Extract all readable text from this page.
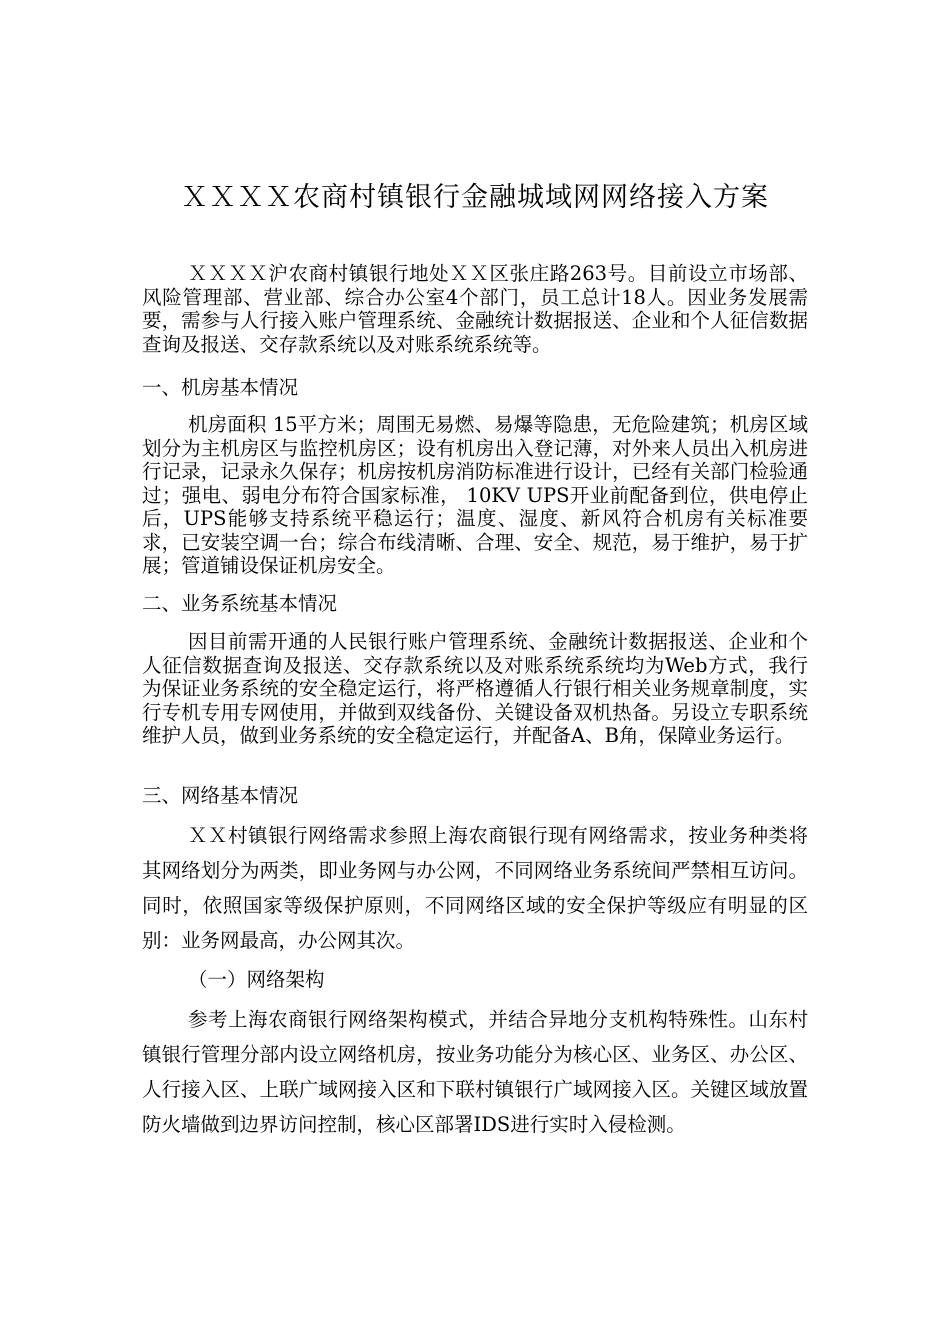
ＸＸＸＸ农商村镇银行金融城域网网络接入方案

ＸＸＸＸ沪农商村镇银行地处ＸＸ区张庄路263号。目前设立市场部、风险管理部、营业部、综合办公室4个部门，员工总计18人。因业务发展需要，需参与人行接入账户管理系统、金融统计数据报送、企业和个人征信数据查询及报送、交存款系统以及对账系统系统等。

一、机房基本情况

机房面积 15平方米；周围无易燃、易爆等隐患，无危险建筑；机房区域划分为主机房区与监控机房区；设有机房出入登记薄，对外来人员出入机房进行记录，记录永久保存；机房按机房消防标准进行设计，已经有关部门检验通过；强电、弱电分布符合国家标准， 10KV UPS开业前配备到位，供电停止后，UPS能够支持系统平稳运行；温度、湿度、新风符合机房有关标准要求，已安装空调一台；综合布线清晰、合理、安全、规范，易于维护，易于扩展；管道铺设保证机房安全。

二、业务系统基本情况

因目前需开通的人民银行账户管理系统、金融统计数据报送、企业和个人征信数据查询及报送、交存款系统以及对账系统系统均为Web方式，我行为保证业务系统的安全稳定运行，将严格遵循人行银行相关业务规章制度，实行专机专用专网使用，并做到双线备份、关键设备双机热备。另设立专职系统维护人员，做到业务系统的安全稳定运行，并配备A、B角，保障业务运行。

三、网络基本情况

ＸＸ村镇银行网络需求参照上海农商银行现有网络需求，按业务种类将其网络划分为两类，即业务网与办公网，不同网络业务系统间严禁相互访问。同时，依照国家等级保护原则，不同网络区域的安全保护等级应有明显的区别：业务网最高，办公网其次。

（一）网络架构

参考上海农商银行网络架构模式，并结合异地分支机构特殊性。山东村镇银行管理分部内设立网络机房，按业务功能分为核心区、业务区、办公区、人行接入区、上联广域网接入区和下联村镇银行广域网接入区。关键区域放置防火墙做到边界访问控制，核心区部署IDS进行实时入侵检测。
